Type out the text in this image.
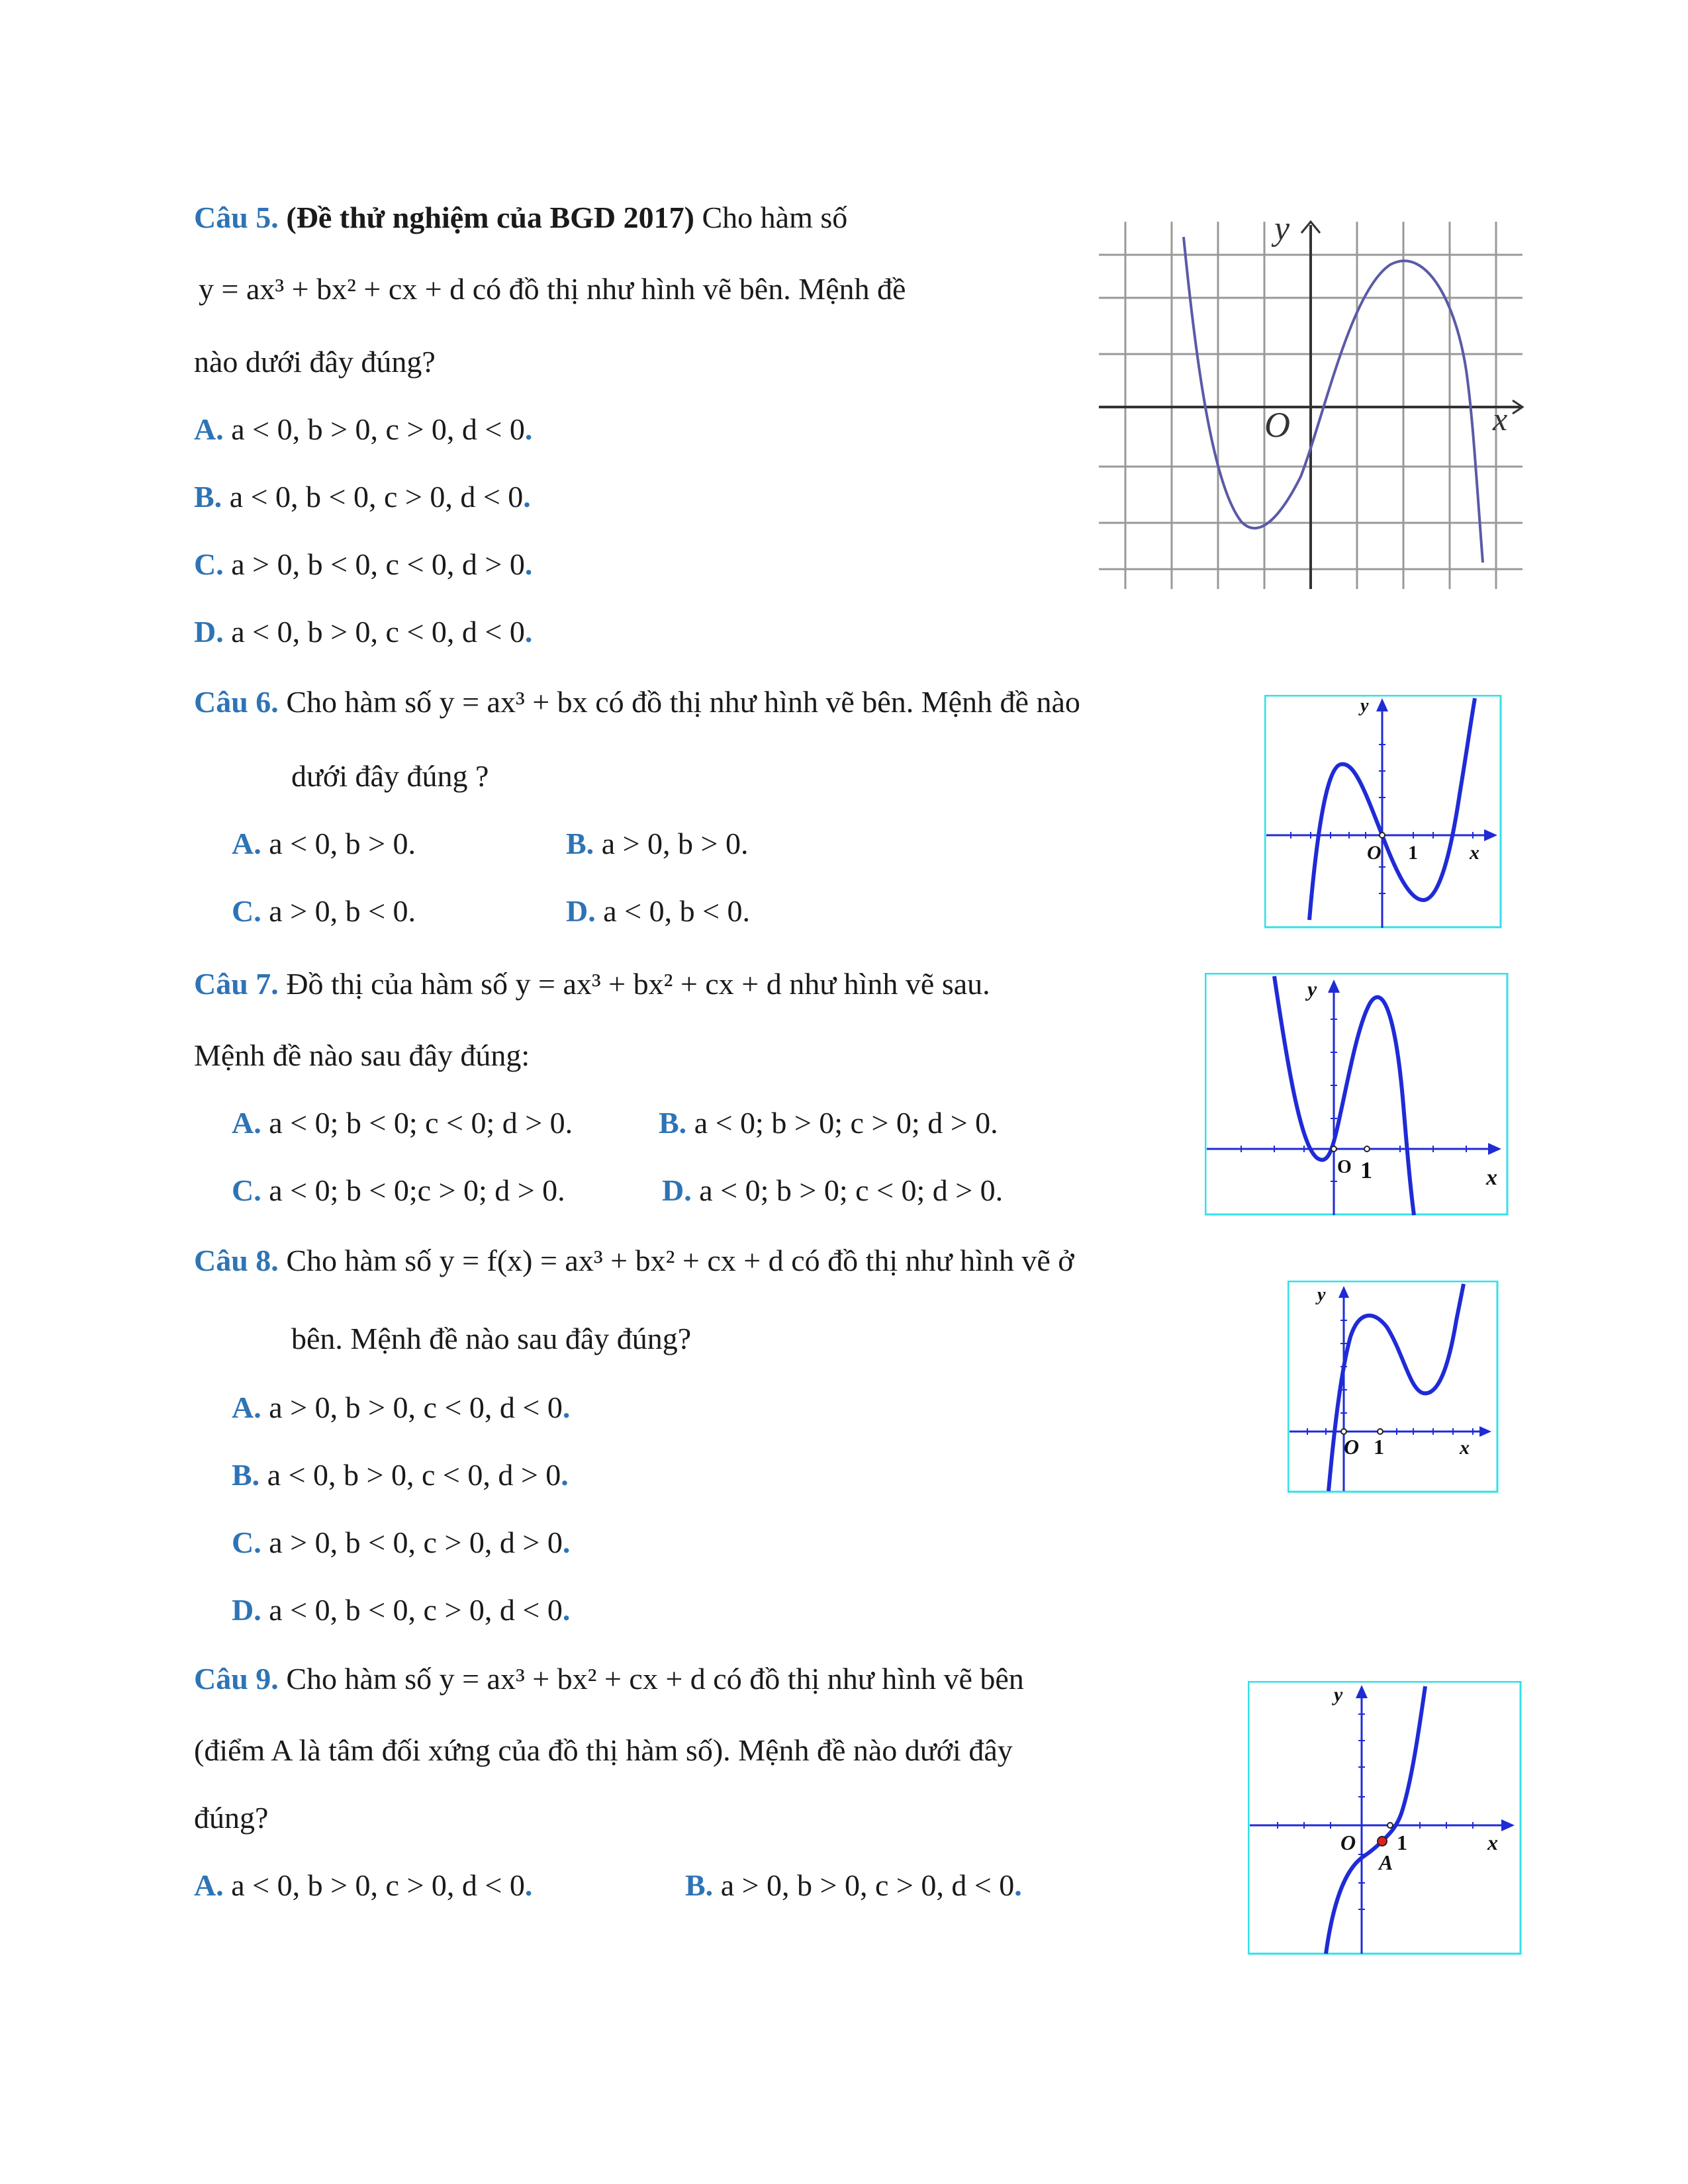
Câu 5. (Đề thử nghiệm của BGD 2017) Cho hàm số
y = ax³ + bx² + cx + d có đồ thị như hình vẽ bên. Mệnh đề
nào dưới đây đúng?
A. a < 0, b > 0, c > 0, d < 0.
B. a < 0, b < 0, c > 0, d < 0.
C. a > 0, b < 0, c < 0, d > 0.
D. a < 0, b > 0, c < 0, d < 0.
y
O	x
Câu 6. Cho hàm số y = ax³ + bx có đồ thị như hình vẽ bên. Mệnh đề nào
dưới đây đúng ?
A. a < 0, b > 0.	B. a > 0, b > 0.
C. a > 0, b < 0.	D. a < 0, b < 0.
y
O 1	x
Câu 7. Đồ thị của hàm số y = ax³ + bx² + cx + d như hình vẽ sau.
Mệnh đề nào sau đây đúng:
A. a < 0; b < 0; c < 0; d > 0.	B. a < 0; b > 0; c > 0; d > 0.
C. a < 0; b < 0;c > 0; d > 0.	D. a < 0; b > 0; c < 0; d > 0.
y
O 1	x
Câu 8. Cho hàm số y = f(x) = ax³ + bx² + cx + d có đồ thị như hình vẽ ở
bên. Mệnh đề nào sau đây đúng?
A. a > 0, b > 0, c < 0, d < 0.
B. a < 0, b > 0, c < 0, d > 0.
C. a > 0, b < 0, c > 0, d > 0.
D. a < 0, b < 0, c > 0, d < 0.
y
O 1	x
Câu 9. Cho hàm số y = ax³ + bx² + cx + d có đồ thị như hình vẽ bên
(điểm A là tâm đối xứng của đồ thị hàm số). Mệnh đề nào dưới đây
đúng?
A. a < 0, b > 0, c > 0, d < 0.	B. a > 0, b > 0, c > 0, d < 0.
y
O 1
A
x
